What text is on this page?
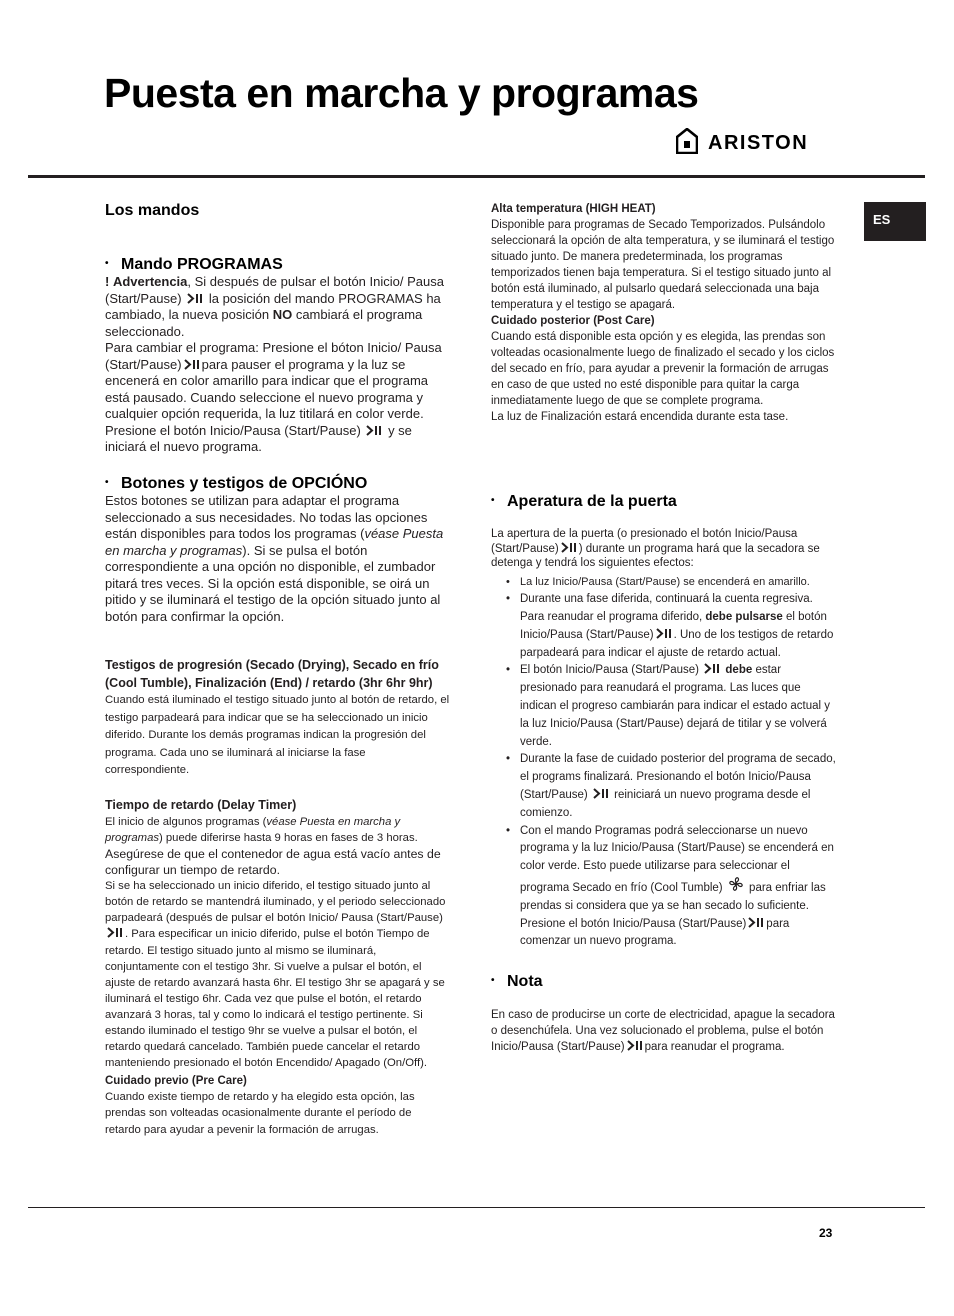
Puesta en marcha y programas
ARISTON
ES
Los mandos
• Mando PROGRAMAS

! Advertencia, Si después de pulsar el botón Inicio/ Pausa (Start/Pause) la posición del mando PROGRAMAS ha cambiado, la nueva posición NO cambiará el programa seleccionado.

Para cambiar el programa: Presione el bóton Inicio/ Pausa (Start/Pause) para pauser el programa y la luz se encenerá en color amarillo para indicar que el programa está pausado. Cuando seleccione el nuevo programa y cualquier opción requerida, la luz titilará en color verde. Presione el botón Inicio/Pausa (Start/Pause) y se iniciará el nuevo programa.

• Botones y testigos de OPCIÓNO

Estos botones se utilizan para adaptar el programa seleccionado a sus necesidades. No todas las opciones están disponibles para todos los programas (véase Puesta en marcha y programas). Si se pulsa el botón correspondiente a una opción no disponible, el zumbador pitará tres veces. Si la opción está disponible, se oirá un pitido y se iluminará el testigo de la opción situado junto al botón para confirmar la opción.

Testigos de progresión (Secado (Drying), Secado en frío (Cool Tumble), Finalización (End) / retardo (3hr 6hr 9hr)

Cuando está iluminado el testigo situado junto al botón de retardo, el testigo parpadeará para indicar que se ha seleccionado un inicio diferido. Durante los demás programas indican la progresión del programa. Cada uno se iluminará al iniciarse la fase correspondiente.

Tiempo de retardo (Delay Timer)

El inicio de algunos programas (véase Puesta en marcha y programas) puede diferirse hasta 9 horas en fases de 3 horas.

Asegúrese de que el contenedor de agua está vacío antes de configurar un tiempo de retardo.

Si se ha seleccionado un inicio diferido, el testigo situado junto al botón de retardo se mantendrá iluminado, y el periodo seleccionado parpadeará (después de pulsar el botón Inicio/ Pausa (Start/Pause)
. Para especificar un inicio diferido, pulse el botón Tiempo de retardo. El testigo situado junto al mismo se iluminará,

conjuntamente con el testigo 3hr. Si vuelve a pulsar el botón, el ajuste de retardo avanzará hasta 6hr. El testigo 3hr se apagará y se iluminará el testigo 6hr. Cada vez que pulse el botón, el retardo avanzará 3 horas, tal y como lo indicará el testigo pertinente. Si estando iluminado el testigo 9hr se vuelve a pulsar el botón, el retardo quedará cancelado. También puede cancelar el retardo manteniendo presionado el botón Encendido/ Apagado (On/Off).

Cuidado previo (Pre Care)

Cuando existe tiempo de retardo y ha elegido esta opción, las prendas son volteadas ocasionalmente durante el período de retardo para ayudar a pevenir la formación de arrugas.

Alta temperatura (HIGH HEAT)

Disponible para programas de Secado Temporizados. Pulsándolo seleccionará la opción de alta temperatura, y se iluminará el testigo situado junto. De manera predeterminada, los programas temporizados tienen baja temperatura. Si el testigo situado junto al botón está iluminado, al pulsarlo quedará seleccionada una baja temperatura y el testigo se apagará.

Cuidado posterior (Post Care)

Cuando está disponible esta opción y es elegida, las prendas son volteadas ocasionalmente luego de finalizado el secado y los ciclos del secado en frío, para ayudar a prevenir la formación de arrugas en caso de que usted no esté disponible para quitar la carga inmediatamente luego de que se complete programa.

La luz de Finalización estará encendida durante esta tase.

• Aperatura de la puerta

La apertura de la puerta (o presionado el botón Inicio/Pausa (Start/Pause) ) durante un programa hará que la secadora se detenga y tendrá los siguientes efectos:

• La luz Inicio/Pausa (Start/Pause) se encenderá en amarillo.
• Durante una fase diferida, continuará la cuenta regresiva. Para reanudar el programa diferido, debe pulsarse el botón Inicio/Pausa (Start/Pause) . Uno de los testigos de retardo parpadeará para indicar el ajuste de retardo actual.
• El botón Inicio/Pausa (Start/Pause) debe estar presionado para reanudará el programa. Las luces que indican el progreso cambiarán para indicar el estado actual y la luz Inicio/Pausa (Start/Pause) dejará de titilar y se volverá verde.
• Durante la fase de cuidado posterior del programa de secado, el programs finalizará. Presionando el botón Inicio/Pausa (Start/Pause) reiniciará un nuevo programa desde el comienzo.
• Con el mando Programas podrá seleccionarse un nuevo programa y la luz Inicio/Pausa (Start/Pause) se encenderá en color verde. Esto puede utilizarse para seleccionar el programa Secado en frío (Cool Tumble) para enfriar las prendas si considera que ya se han secado lo suficiente. Presione el botón Inicio/Pausa (Start/Pause) para comenzar un nuevo programa.
• Nota

En caso de producirse un corte de electricidad, apague la secadora o desenchúfela. Una vez solucionado el problema, pulse el botón Inicio/Pausa (Start/Pause) para reanudar el programa.

23
